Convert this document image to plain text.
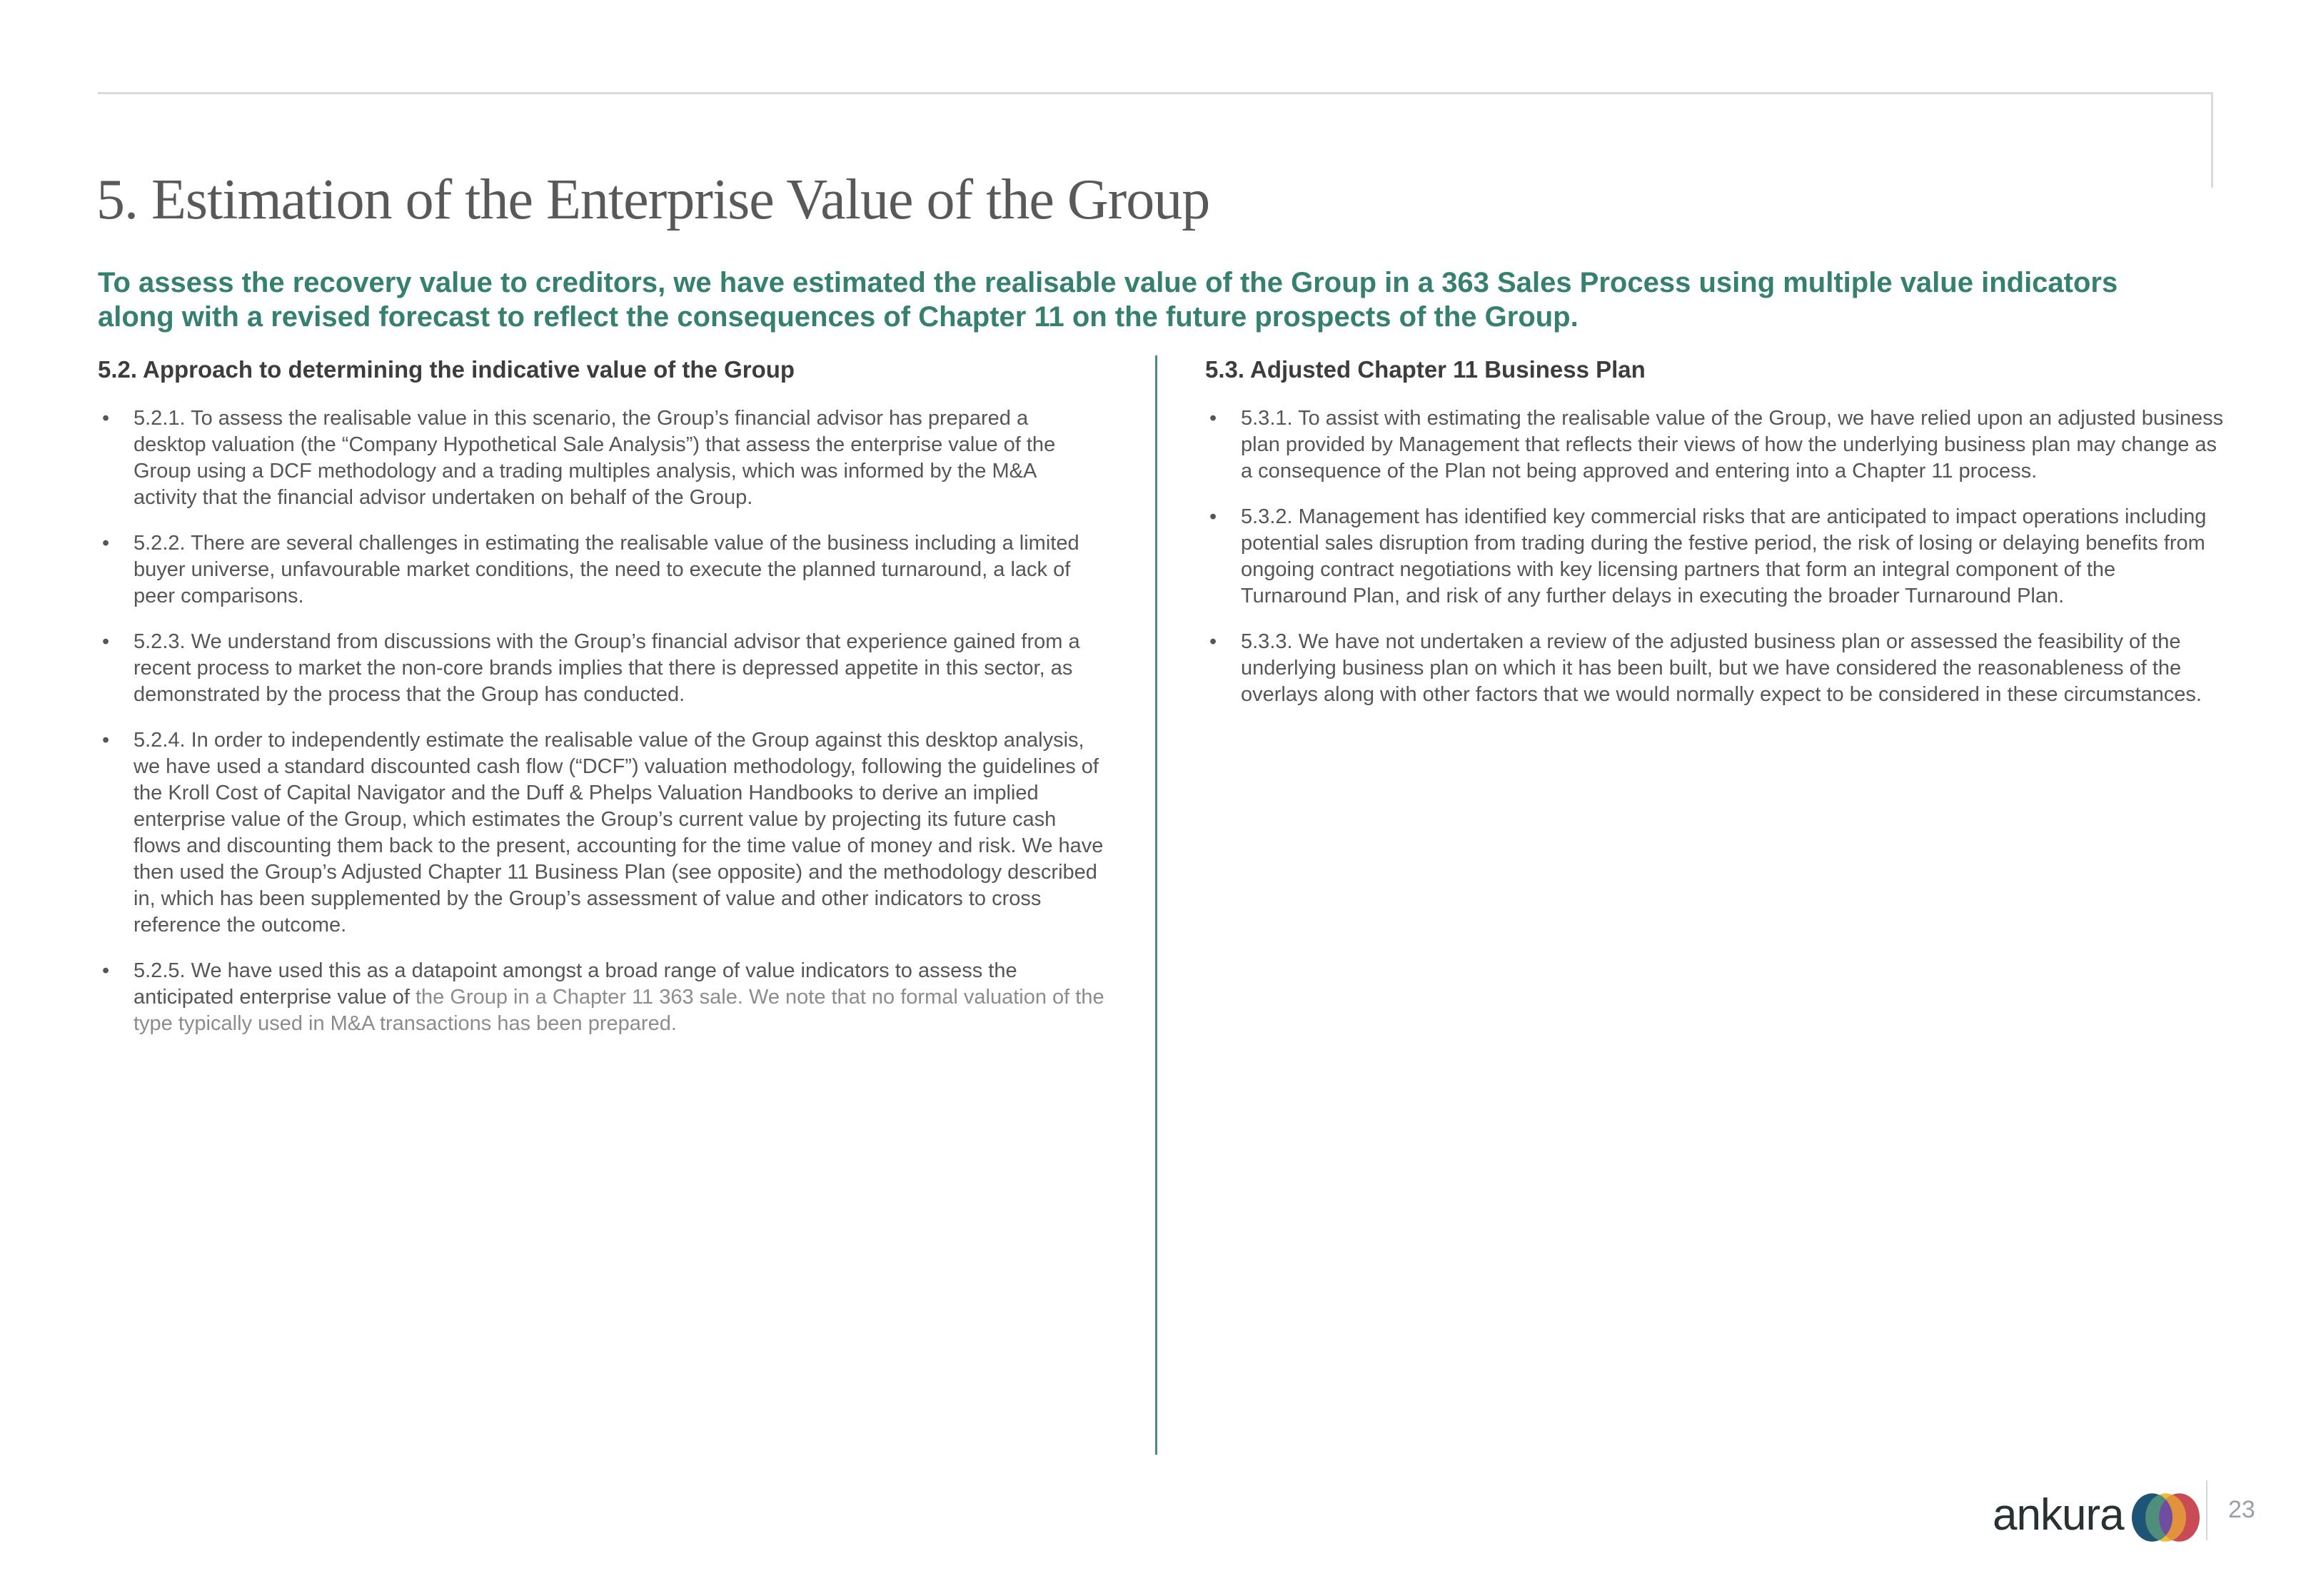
5. Estimation of the Enterprise Value of the Group

To assess the recovery value to creditors, we have estimated the realisable value of the Group in a 363 Sales Process using multiple value indicators along with a revised forecast to reflect the consequences of Chapter 11 on the future prospects of the Group.

5.2. Approach to determining the indicative value of the Group
• 5.2.1. To assess the realisable value in this scenario, the Group’s financial advisor has prepared a desktop valuation (the “Company Hypothetical Sale Analysis”) that assess the enterprise value of the Group using a DCF methodology and a trading multiples analysis, which was informed by the M&A activity that the financial advisor undertaken on behalf of the Group.
• 5.2.2. There are several challenges in estimating the realisable value of the business including a limited buyer universe, unfavourable market conditions, the need to execute the planned turnaround, a lack of peer comparisons.
• 5.2.3. We understand from discussions with the Group’s financial advisor that experience gained from a recent process to market the non-core brands implies that there is depressed appetite in this sector, as demonstrated by the process that the Group has conducted.
• 5.2.4. In order to independently estimate the realisable value of the Group against this desktop analysis, we have used a standard discounted cash flow (“DCF”) valuation methodology, following the guidelines of the Kroll Cost of Capital Navigator and the Duff & Phelps Valuation Handbooks to derive an implied enterprise value of the Group, which estimates the Group’s current value by projecting its future cash flows and discounting them back to the present, accounting for the time value of money and risk. We have then used the Group’s Adjusted Chapter 11 Business Plan (see opposite) and the methodology described in, which has been supplemented by the Group’s assessment of value and other indicators to cross reference the outcome.
• 5.2.5. We have used this as a datapoint amongst a broad range of value indicators to assess the anticipated enterprise value of the Group in a Chapter 11 363 sale. We note that no formal valuation of the type typically used in M&A transactions has been prepared.
5.3. Adjusted Chapter 11 Business Plan
• 5.3.1. To assist with estimating the realisable value of the Group, we have relied upon an adjusted business plan provided by Management that reflects their views of how the underlying business plan may change as a consequence of the Plan not being approved and entering into a Chapter 11 process.
• 5.3.2. Management has identified key commercial risks that are anticipated to impact operations including potential sales disruption from trading during the festive period, the risk of losing or delaying benefits from ongoing contract negotiations with key licensing partners that form an integral component of the Turnaround Plan, and risk of any further delays in executing the broader Turnaround Plan.
• 5.3.3. We have not undertaken a review of the adjusted business plan or assessed the feasibility of the underlying business plan on which it has been built, but we have considered the reasonableness of the overlays along with other factors that we would normally expect to be considered in these circumstances.
ankura	23
